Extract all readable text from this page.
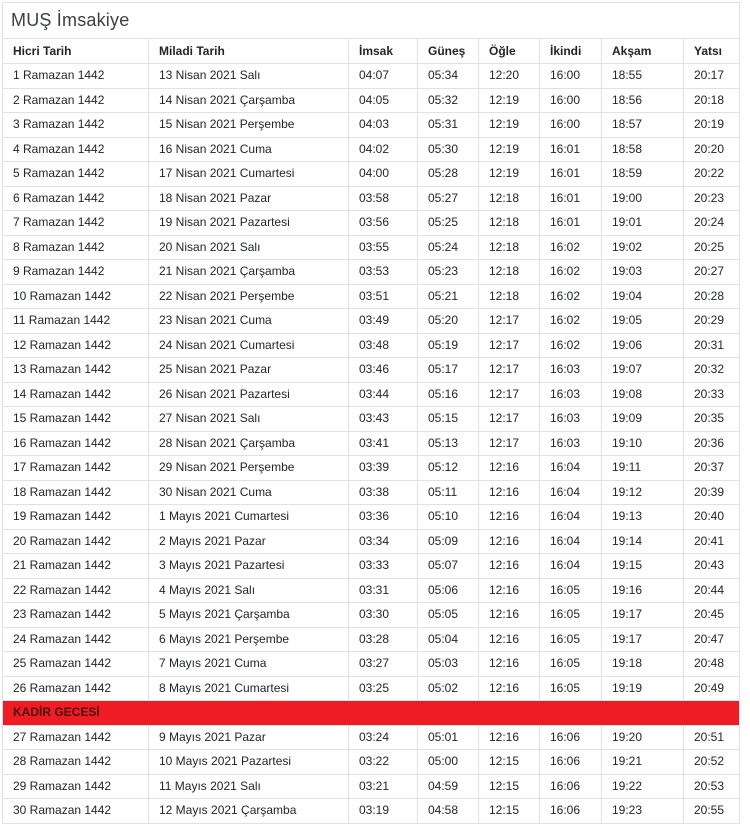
MUŞ İmsakiye							
Hicri Tarih	Miladi Tarih	İmsak	Güneş	Öğle	İkindi	Akşam	Yatsı
1 Ramazan 1442	13 Nisan 2021 Salı	04:07	05:34	12:20	16:00	18:55	20:17
2 Ramazan 1442	14 Nisan 2021 Çarşamba	04:05	05:32	12:19	16:00	18:56	20:18
3 Ramazan 1442	15 Nisan 2021 Perşembe	04:03	05:31	12:19	16:00	18:57	20:19
4 Ramazan 1442	16 Nisan 2021 Cuma	04:02	05:30	12:19	16:01	18:58	20:20
5 Ramazan 1442	17 Nisan 2021 Cumartesi	04:00	05:28	12:19	16:01	18:59	20:22
6 Ramazan 1442	18 Nisan 2021 Pazar	03:58	05:27	12:18	16:01	19:00	20:23
7 Ramazan 1442	19 Nisan 2021 Pazartesi	03:56	05:25	12:18	16:01	19:01	20:24
8 Ramazan 1442	20 Nisan 2021 Salı	03:55	05:24	12:18	16:02	19:02	20:25
9 Ramazan 1442	21 Nisan 2021 Çarşamba	03:53	05:23	12:18	16:02	19:03	20:27
10 Ramazan 1442	22 Nisan 2021 Perşembe	03:51	05:21	12:18	16:02	19:04	20:28
11 Ramazan 1442	23 Nisan 2021 Cuma	03:49	05:20	12:17	16:02	19:05	20:29
12 Ramazan 1442	24 Nisan 2021 Cumartesi	03:48	05:19	12:17	16:02	19:06	20:31
13 Ramazan 1442	25 Nisan 2021 Pazar	03:46	05:17	12:17	16:03	19:07	20:32
14 Ramazan 1442	26 Nisan 2021 Pazartesi	03:44	05:16	12:17	16:03	19:08	20:33
15 Ramazan 1442	27 Nisan 2021 Salı	03:43	05:15	12:17	16:03	19:09	20:35
16 Ramazan 1442	28 Nisan 2021 Çarşamba	03:41	05:13	12:17	16:03	19:10	20:36
17 Ramazan 1442	29 Nisan 2021 Perşembe	03:39	05:12	12:16	16:04	19:11	20:37
18 Ramazan 1442	30 Nisan 2021 Cuma	03:38	05:11	12:16	16:04	19:12	20:39
19 Ramazan 1442	1 Mayıs 2021 Cumartesi	03:36	05:10	12:16	16:04	19:13	20:40
20 Ramazan 1442	2 Mayıs 2021 Pazar	03:34	05:09	12:16	16:04	19:14	20:41
21 Ramazan 1442	3 Mayıs 2021 Pazartesi	03:33	05:07	12:16	16:04	19:15	20:43
22 Ramazan 1442	4 Mayıs 2021 Salı	03:31	05:06	12:16	16:05	19:16	20:44
23 Ramazan 1442	5 Mayıs 2021 Çarşamba	03:30	05:05	12:16	16:05	19:17	20:45
24 Ramazan 1442	6 Mayıs 2021 Perşembe	03:28	05:04	12:16	16:05	19:17	20:47
25 Ramazan 1442	7 Mayıs 2021 Cuma	03:27	05:03	12:16	16:05	19:18	20:48
26 Ramazan 1442	8 Mayıs 2021 Cumartesi	03:25	05:02	12:16	16:05	19:19	20:49
KADİR GECESİ							
27 Ramazan 1442	9 Mayıs 2021 Pazar	03:24	05:01	12:16	16:06	19:20	20:51
28 Ramazan 1442	10 Mayıs 2021 Pazartesi	03:22	05:00	12:15	16:06	19:21	20:52
29 Ramazan 1442	11 Mayıs 2021 Salı	03:21	04:59	12:15	16:06	19:22	20:53
30 Ramazan 1442	12 Mayıs 2021 Çarşamba	03:19	04:58	12:15	16:06	19:23	20:55
